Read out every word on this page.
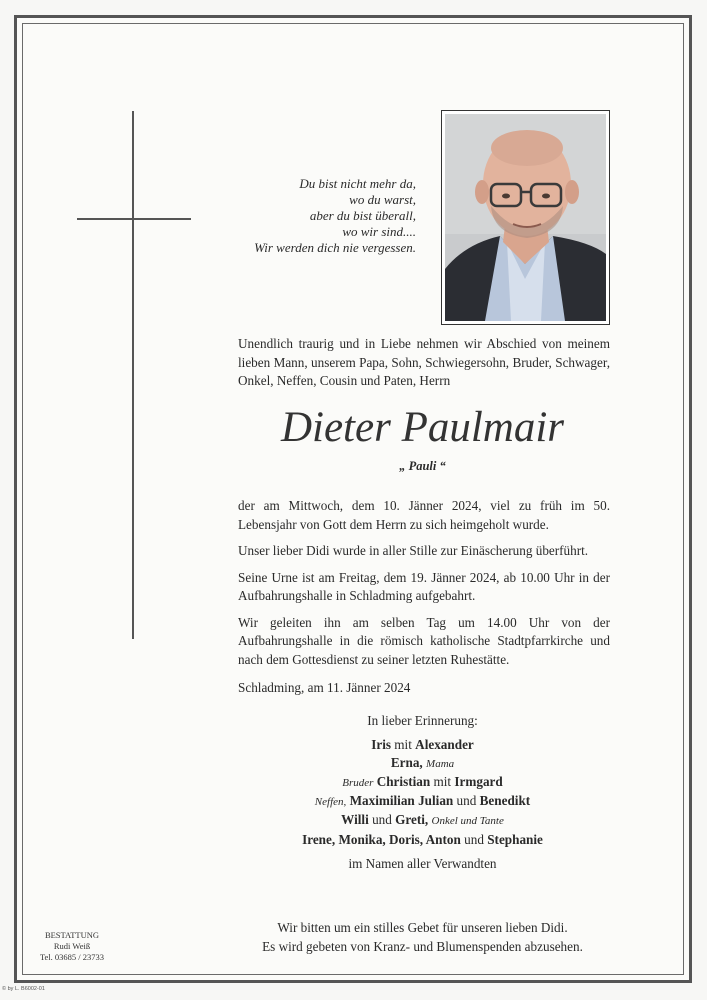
Du bist nicht mehr da,
wo du warst,
aber du bist überall,
wo wir sind....
Wir werden dich nie vergessen.
Unendlich traurig und in Liebe nehmen wir Abschied von meinem lieben Mann, unserem Papa, Sohn, Schwiegersohn, Bruder, Schwager, Onkel, Neffen, Cousin und Paten, Herrn
Dieter Paulmair
„ Pauli “

der am Mittwoch, dem 10. Jänner 2024, viel zu früh im 50. Lebensjahr von Gott dem Herrn zu sich heimgeholt wurde.

Unser lieber Didi wurde in aller Stille zur Einäscherung überführt.

Seine Urne ist am Freitag, dem 19. Jänner 2024, ab 10.00 Uhr in der Aufbahrungshalle in Schladming aufgebahrt.

Wir geleiten ihn am selben Tag um 14.00 Uhr von der Aufbahrungshalle in die römisch katholische Stadtpfarrkirche und nach dem Gottesdienst zu seiner letzten Ruhestätte.

Schladming, am 11. Jänner 2024

In lieber Erinnerung:
Iris mit Alexander
Erna, Mama
Bruder Christian mit Irmgard
Neffen, Maximilian Julian und Benedikt
Willi und Greti, Onkel und Tante
Irene, Monika, Doris, Anton und Stephanie
im Namen aller Verwandten
Wir bitten um ein stilles Gebet für unseren lieben Didi.
Es wird gebeten von Kranz- und Blumenspenden abzusehen.
BESTATTUNG
Rudi Weiß
Tel. 03685 / 23733
© by L. B6002-01
